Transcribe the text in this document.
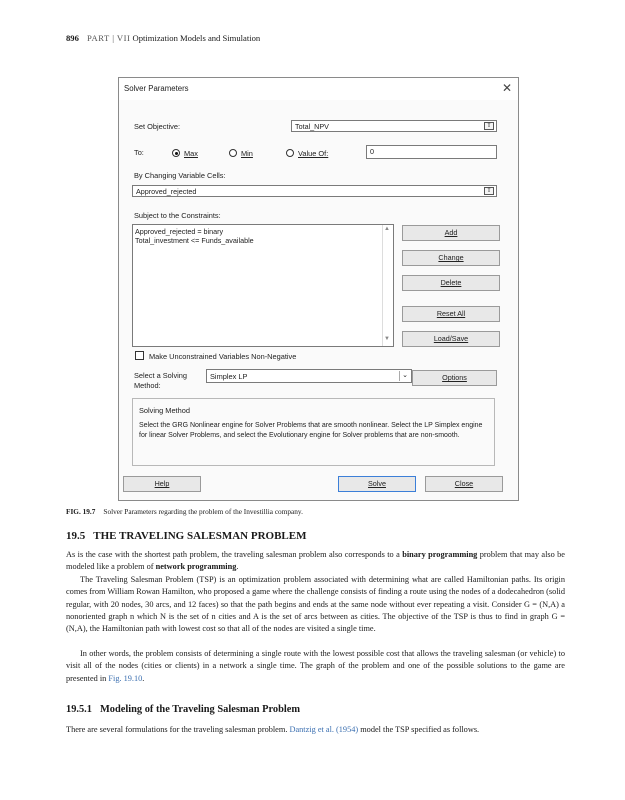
896 PART | VII Optimization Models and Simulation
Solver Parameters	✕
Set Objective:	Total_NPV	⇧
To:	Max	Min	Value Of:	0
By Changing Variable Cells:
Approved_rejected	⇧
Subject to the Constraints:
Approved_rejected = binary
Total_investment <= Funds_available
▲
▼
Add
Change
Delete
Reset All
Load/Save
Make Unconstrained Variables Non-Negative
Select a Solving
Method:
Simplex LP	⌄	Options
Solving Method
Select the GRG Nonlinear engine for Solver Problems that are smooth nonlinear. Select the LP Simplex engine for linear Solver Problems, and select the Evolutionary engine for Solver problems that are non-smooth.
Help	Solve	Close
FIG. 19.7 Solver Parameters regarding the problem of the Investillia company.
19.5 THE TRAVELING SALESMAN PROBLEM
As is the case with the shortest path problem, the traveling salesman problem also corresponds to a binary programming problem that may also be modeled like a problem of network programming.
The Traveling Salesman Problem (TSP) is an optimization problem associated with determining what are called Hamiltonian paths. Its origin comes from William Rowan Hamilton, who proposed a game where the challenge consists of finding a route using the nodes of a dodecahedron (solid regular, with 20 nodes, 30 arcs, and 12 faces) so that the path begins and ends at the same node without ever repeating a visit. Consider G = (N,A) a nonoriented graph n which N is the set of n cities and A is the set of arcs between as cities. The objective of the TSP is thus to find in graph G = (N,A), the Hamiltonian path with lowest cost so that all of the nodes are visited a single time.
In other words, the problem consists of determining a single route with the lowest possible cost that allows the traveling salesman (or vehicle) to visit all of the nodes (cities or clients) in a network a single time. The graph of the problem and one of the possible solutions to the game are presented in Fig. 19.10.
19.5.1 Modeling of the Traveling Salesman Problem
There are several formulations for the traveling salesman problem. Dantzig et al. (1954) model the TSP specified as follows.
